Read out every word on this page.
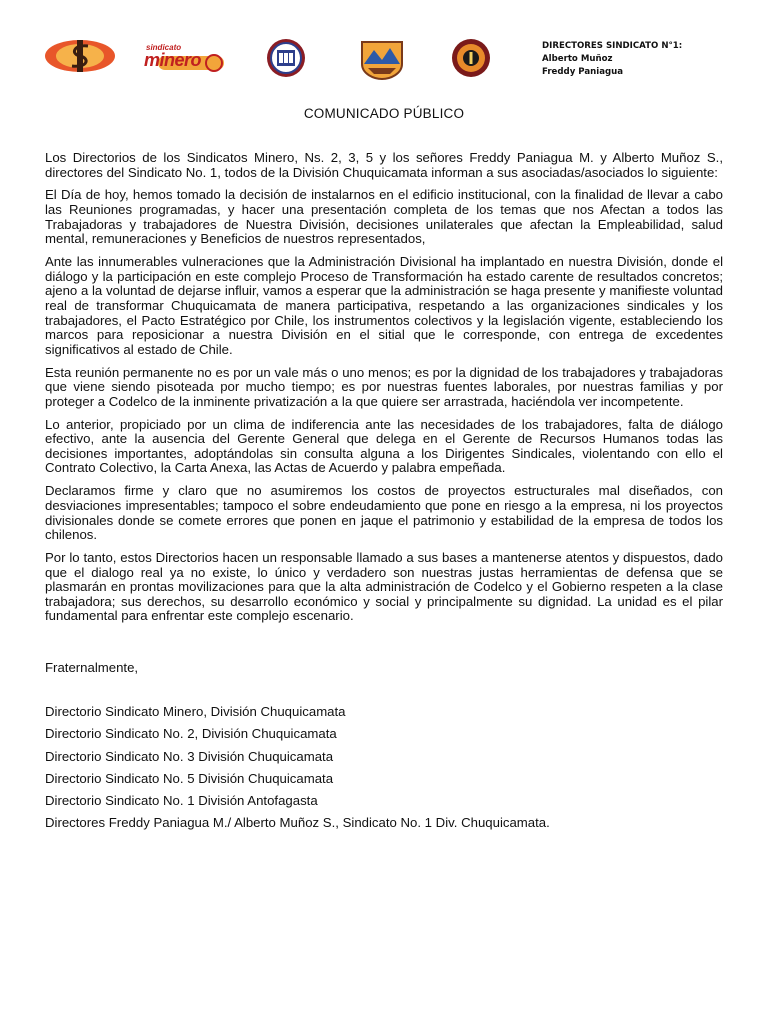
sindicato
minero
DIRECTORES SINDICATO N°1:
Alberto Muñoz
Freddy Paniagua
COMUNICADO PÚBLICO

Los Directorios de los Sindicatos Minero, Ns. 2, 3, 5 y los señores Freddy Paniagua M. y Alberto Muñoz S., directores del Sindicato No. 1, todos de la División Chuquicamata informan a sus asociadas/asociados lo siguiente:

El Día de hoy, hemos tomado la decisión de instalarnos en el edificio institucional, con la finalidad de llevar a cabo las Reuniones programadas, y hacer una presentación completa de los temas que nos Afectan a todos las Trabajadoras y trabajadores de Nuestra División, decisiones unilaterales que afectan la Empleabilidad, salud mental, remuneraciones y Beneficios de nuestros representados,

Ante las innumerables vulneraciones que la Administración Divisional ha implantado en nuestra División, donde el diálogo y la participación en este complejo Proceso de Transformación ha estado carente de resultados concretos; ajeno a la voluntad de dejarse influir, vamos a esperar que la administración se haga presente y manifieste voluntad real de transformar Chuquicamata de manera participativa, respetando a las organizaciones sindicales y los trabajadores, el Pacto Estratégico por Chile, los instrumentos colectivos y la legislación vigente, estableciendo los marcos para reposicionar a nuestra División en el sitial que le corresponde, con entrega de excedentes significativos al estado de Chile.

Esta reunión permanente no es por un vale más o uno menos; es por la dignidad de los trabajadores y trabajadoras que viene siendo pisoteada por mucho tiempo; es por nuestras fuentes laborales, por nuestras familias y por proteger a Codelco de la inminente privatización a la que quiere ser arrastrada, haciéndola ver incompetente.

Lo anterior, propiciado por un clima de indiferencia ante las necesidades de los trabajadores, falta de diálogo efectivo, ante la ausencia del Gerente General que delega en el Gerente de Recursos Humanos todas las decisiones importantes, adoptándolas sin consulta alguna a los Dirigentes Sindicales, violentando con ello el Contrato Colectivo, la Carta Anexa, las Actas de Acuerdo y palabra empeñada.

Declaramos firme y claro que no asumiremos los costos de proyectos estructurales mal diseñados, con desviaciones impresentables; tampoco el sobre endeudamiento que pone en riesgo a la empresa, ni los proyectos divisionales donde se comete errores que ponen en jaque el patrimonio y estabilidad de la empresa de todos los chilenos.

Por lo tanto, estos Directorios hacen un responsable llamado a sus bases a mantenerse atentos y dispuestos, dado que el dialogo real ya no existe, lo único y verdadero son nuestras justas herramientas de defensa que se plasmarán en prontas movilizaciones para que la alta administración de Codelco y el Gobierno respeten a la clase trabajadora; sus derechos, su desarrollo económico y social y principalmente su dignidad. La unidad es el pilar fundamental para enfrentar este complejo escenario.

Fraternalmente,
Directorio Sindicato Minero, División Chuquicamata
Directorio Sindicato No. 2, División Chuquicamata
Directorio Sindicato No. 3 División Chuquicamata
Directorio Sindicato No. 5 División Chuquicamata
Directorio Sindicato No. 1 División Antofagasta
Directores Freddy Paniagua M./ Alberto Muñoz S., Sindicato No. 1 Div. Chuquicamata.
